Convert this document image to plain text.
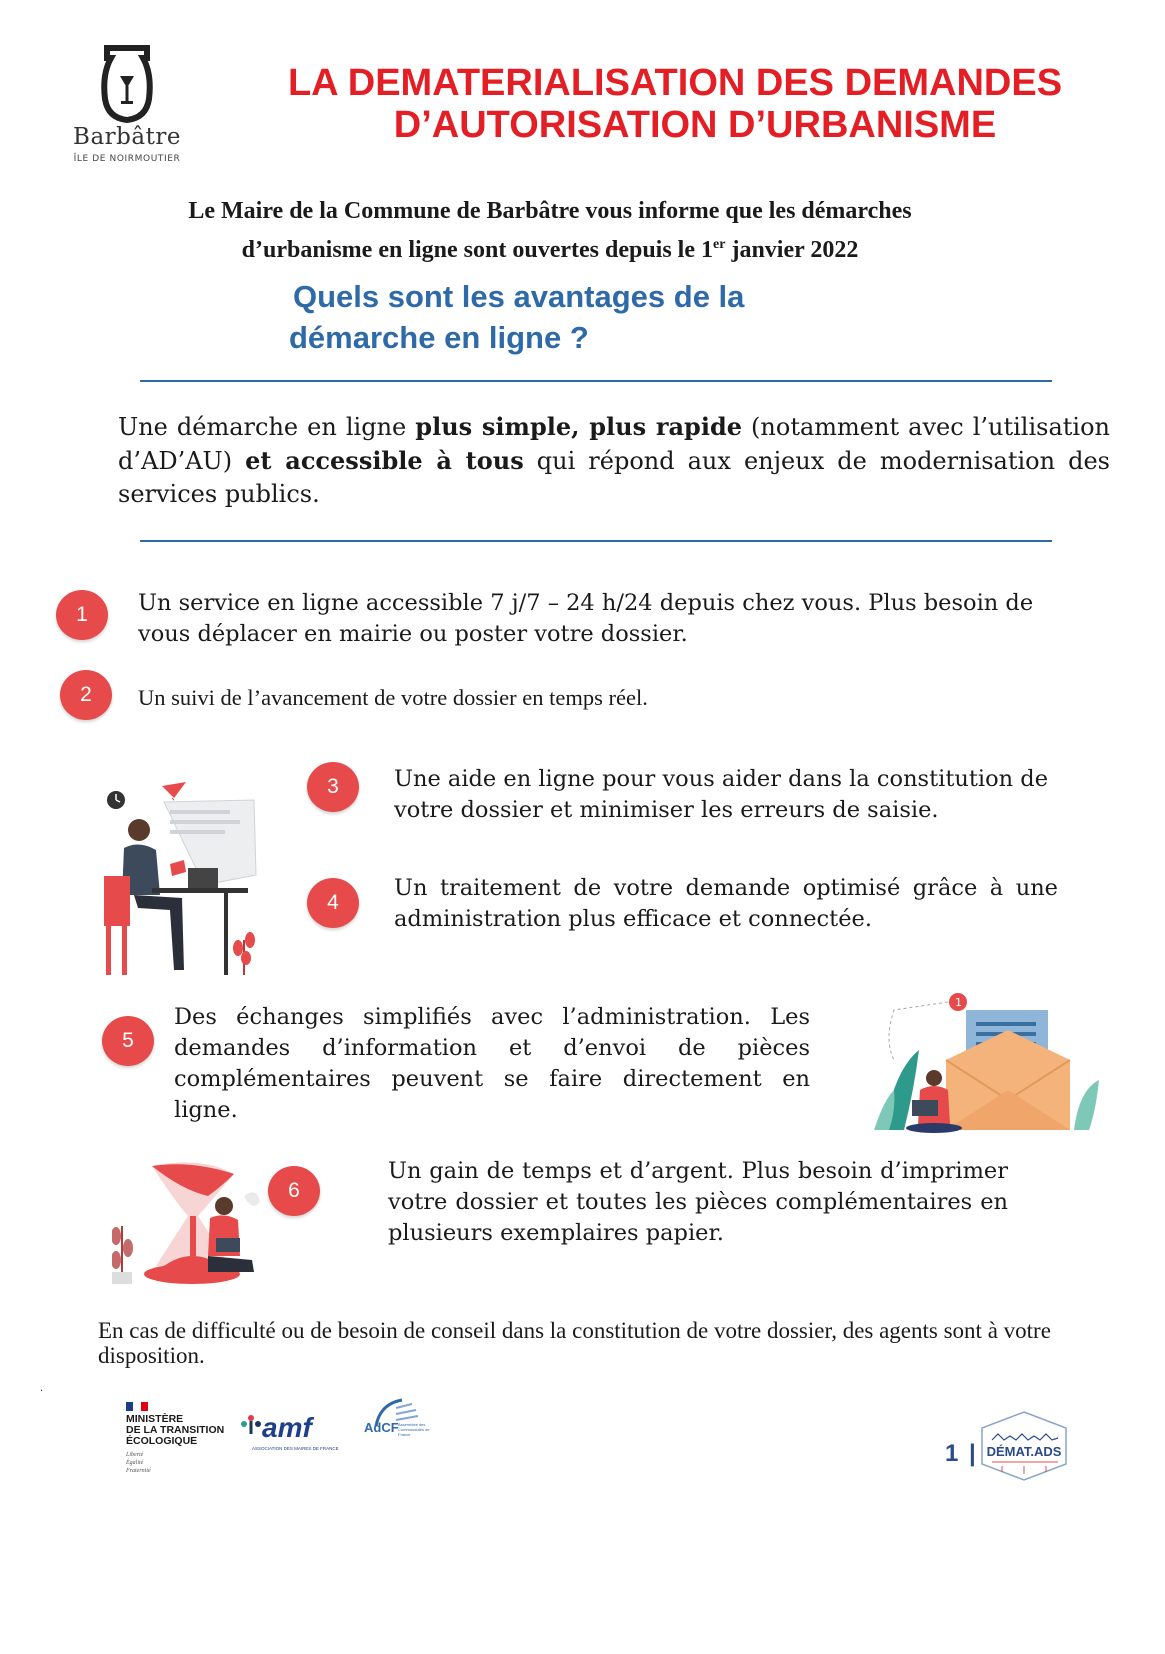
Barbâtre
ÎLE DE NOIRMOUTIER
LA DEMATERIALISATION DES DEMANDES
D’AUTORISATION D’URBANISME
Le Maire de la Commune de Barbâtre vous informe que les démarches
d’urbanisme en ligne sont ouvertes depuis le 1er janvier 2022
Quels sont les avantages de la
démarche en ligne ?
Une démarche en ligne plus simple, plus rapide (notamment avec l’utilisation d’AD’AU) et accessible à tous qui répond aux enjeux de modernisation des services publics.
1	Un service en ligne accessible 7 j/7 – 24 h/24 depuis chez vous. Plus besoin de vous déplacer en mairie ou poster votre dossier.
2	Un suivi de l’avancement de votre dossier en temps réel.
3	Une aide en ligne pour vous aider dans la constitution de votre dossier et minimiser les erreurs de saisie.
4
Un traitement de votre demande optimisé grâce à une administration plus efficace et connectée.
5
Des échanges simplifiés avec l’administration. Les demandes d’information et d’envoi de pièces complémentaires peuvent se faire directement en ligne.
1
6
Un gain de temps et d’argent. Plus besoin d’imprimer votre dossier et toutes les pièces complémentaires en plusieurs exemplaires papier.
En cas de difficulté ou de besoin de conseil dans la constitution de votre dossier, des agents sont à votre disposition.
.
MINISTÈRE
DE LA TRANSITION
ÉCOLOGIQUE
Liberté
Égalité
Fraternité
amf
ASSOCIATION DES MAIRES DE FRANCE
AdCF Assemblée des Communautés de France
1 | DÉMAT.ADS
